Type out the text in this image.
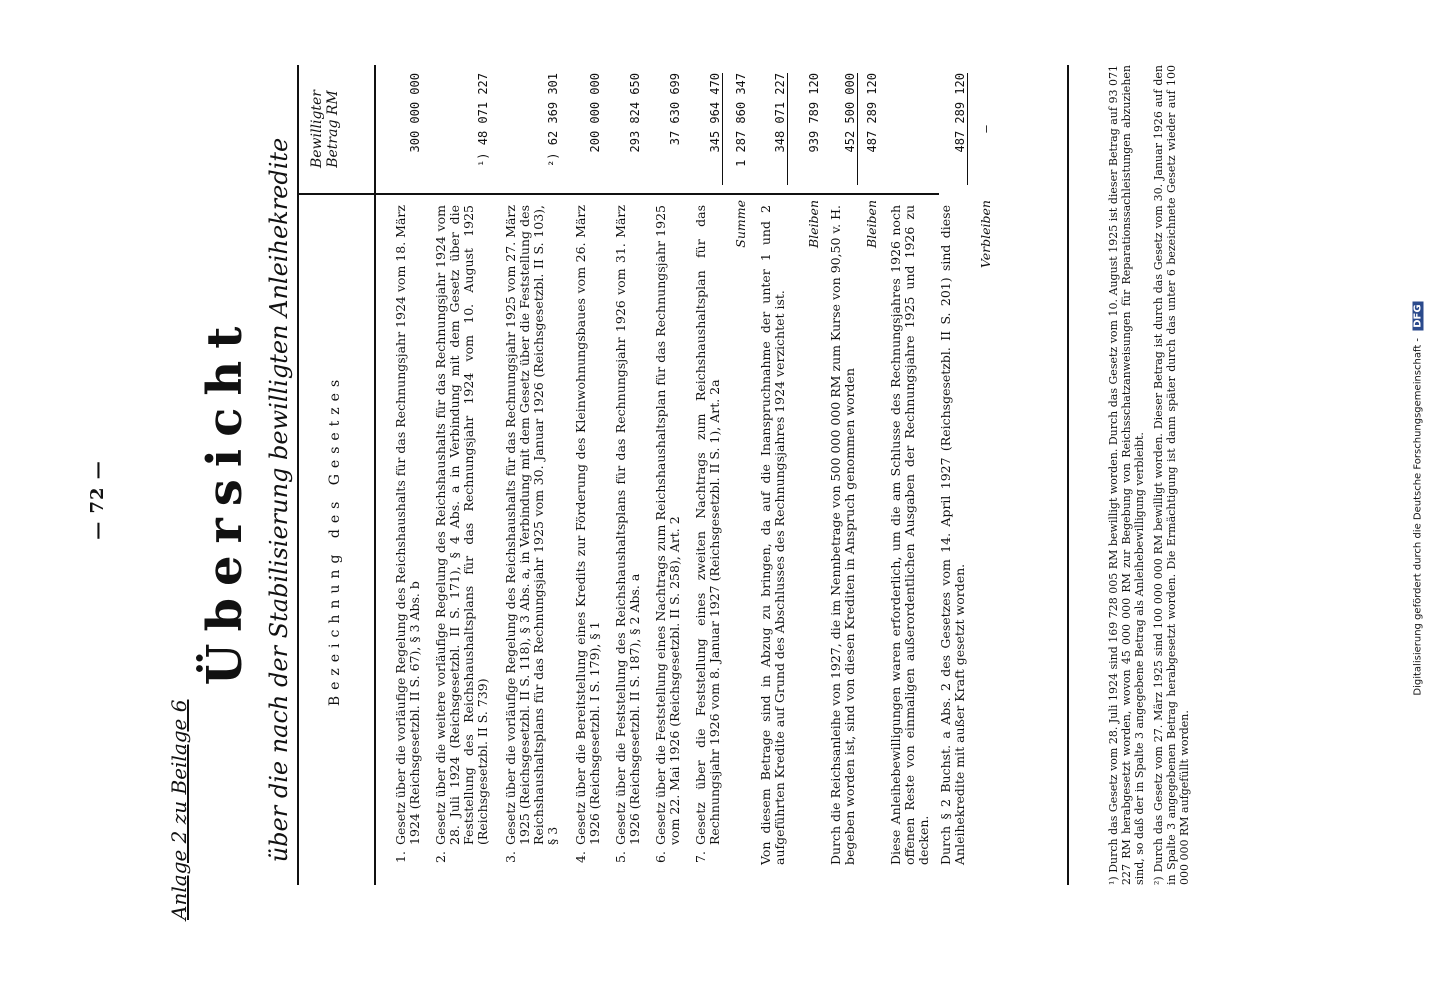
— 72 —
Anlage 2 zu Beilage 6
Übersicht über die nach der Stabilisierung bewilligten Anleihekredite Bezeichnung des Gesetzes
Bewilligter Betrag RM
1.
Gesetz über die vorläufige Regelung des Reichshaushalts für das Rechnungsjahr 1924 vom 18. März 1924 (Reichsgesetzbl. II S. 67), § 3 Abs. b
300 000 000
2.
Gesetz über die weitere vorläufige Regelung des Reichshaushalts für das Rechnungsjahr 1924 vom 28. Juli 1924 (Reichsgesetzbl. II S. 171), § 4 Abs. a in Verbindung mit dem Gesetz über die Feststellung des Reichshaushaltsplans für das Rechnungsjahr 1924 vom 10. August 1925 (Reichsgesetzbl. II S. 739)
¹) 48 071 227
3.
Gesetz über die vorläufige Regelung des Reichshaushalts für das Rechnungsjahr 1925 vom 27. März 1925 (Reichsgesetzbl. II S. 118), § 3 Abs. a, in Verbindung mit dem Gesetz über die Feststellung des Reichshaushaltsplans für das Rechnungsjahr 1925 vom 30. Januar 1926 (Reichsgesetzbl. II S. 103), § 3
²) 62 369 301
4.
Gesetz über die Bereitstellung eines Kredits zur Förderung des Kleinwohnungsbaues vom 26. März 1926 (Reichsgesetzbl. I S. 179), § 1
200 000 000
5.
Gesetz über die Feststellung des Reichshaushaltsplans für das Rechnungsjahr 1926 vom 31. März 1926 (Reichsgesetzbl. II S. 187), § 2 Abs. a
293 824 650
6.
Gesetz über die Feststellung eines Nachtrags zum Reichshaushaltsplan für das Rechnungsjahr 1925 vom 22. Mai 1926 (Reichsgesetzbl. II S. 258), Art. 2
37 630 699
7.
Gesetz über die Feststellung eines zweiten Nachtrags zum Reichshaushaltsplan für das Rechnungsjahr 1926 vom 8. Januar 1927 (Reichsgesetzbl. II S. 1), Art. 2a
345 964 470
Summe
1 287 860 347
Von diesem Betrage sind in Abzug zu bringen, da auf die Inanspruchnahme der unter 1 und 2 aufgeführten Kredite auf Grund des Abschlusses des Rechnungsjahres 1924 verzichtet ist.
348 071 227
Bleiben
939 789 120
Durch die Reichsanleihe von 1927, die im Nennbetrage von 500 000 000 RM zum Kurse von 90,50 v. H. begeben worden ist, sind von diesen Krediten in Anspruch genommen worden
452 500 000
Bleiben
487 289 120
Diese Anleihebewilligungen waren erforderlich, um die am Schlusse des Rechnungsjahres 1926 noch offenen Reste von einmaligen außerordentlichen Ausgaben der Rechnungsjahre 1925 und 1926 zu decken. Durch § 2 Buchst. a Abs. 2 des Gesetzes vom 14. April 1927 (Reichsgesetzbl. II S. 201) sind diese Anleihekredite mit außer Kraft gesetzt worden.
487 289 120
Verbleiben
—	¹) Durch das Gesetz vom 28. Juli 1924 sind 169 728 005 RM bewilligt worden. Durch das Gesetz vom 10. August 1925 ist dieser Betrag auf 93 071 227 RM herabgesetzt worden, wovon 45 000 000 RM zur Begebung von Reichsschatzanweisungen für Reparationssachleistungen abzuziehen sind, so daß der in Spalte 3 angegebene Betrag als Anleihebewilligung verbleibt. ²) Durch das Gesetz vom 27. März 1925 sind 100 000 000 RM bewilligt worden. Dieser Betrag ist durch das Gesetz vom 30. Januar 1926 auf den in Spalte 3 angegebenen Betrag herabgesetzt worden. Die Ermächtigung ist dann später durch das unter 6 bezeichnete Gesetz wieder auf 100 000 000 RM aufgefüllt worden.

Digitalisierung gefördert durch die Deutsche Forschungsgemeinschaft - DFG
